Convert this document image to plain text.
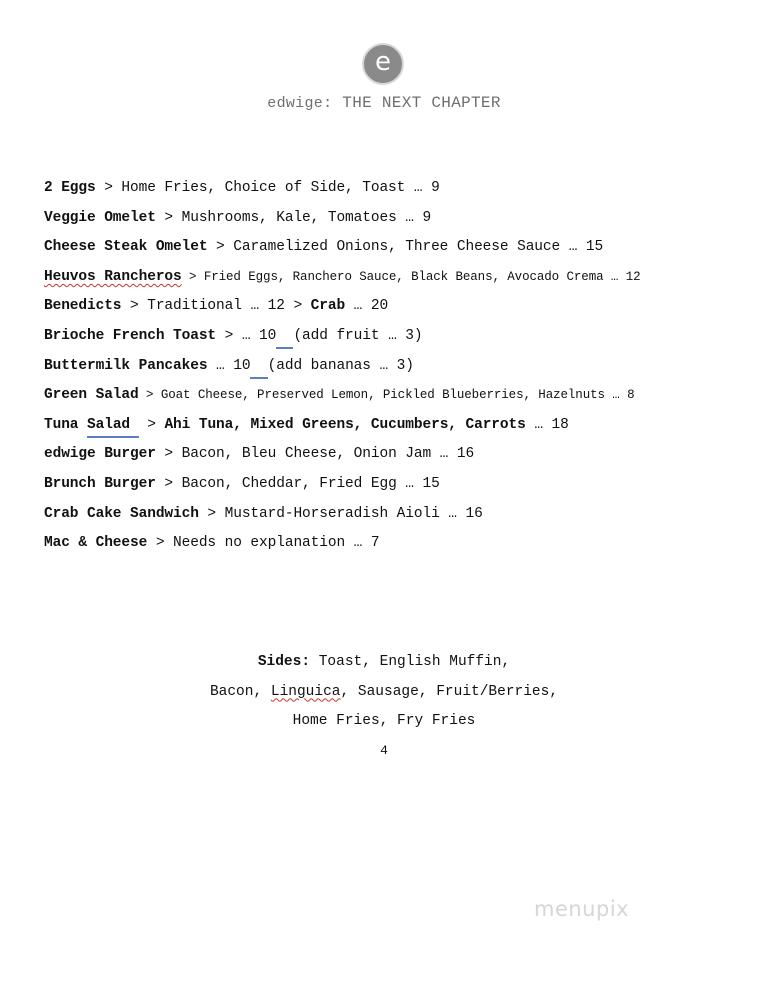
e
edwige: THE NEXT CHAPTER
2 Eggs > Home Fries, Choice of Side, Toast … 9
Veggie Omelet > Mushrooms, Kale, Tomatoes … 9
Cheese Steak Omelet > Caramelized Onions, Three Cheese Sauce … 15
Heuvos Rancheros > Fried Eggs, Ranchero Sauce, Black Beans, Avocado Crema … 12
Benedicts > Traditional … 12 > Crab … 20
Brioche French Toast > … 10 (add fruit … 3)
Buttermilk Pancakes … 10 (add bananas … 3)
Green Salad > Goat Cheese, Preserved Lemon, Pickled Blueberries, Hazelnuts … 8
Tuna Salad  > Ahi Tuna, Mixed Greens, Cucumbers, Carrots … 18
edwige Burger > Bacon, Bleu Cheese, Onion Jam … 16
Brunch Burger > Bacon, Cheddar, Fried Egg … 15
Crab Cake Sandwich > Mustard-Horseradish Aioli … 16
Mac & Cheese > Needs no explanation … 7
Sides: Toast, English Muffin,
Bacon, Linguica, Sausage, Fruit/Berries,
Home Fries, Fry Fries
4
menupix
